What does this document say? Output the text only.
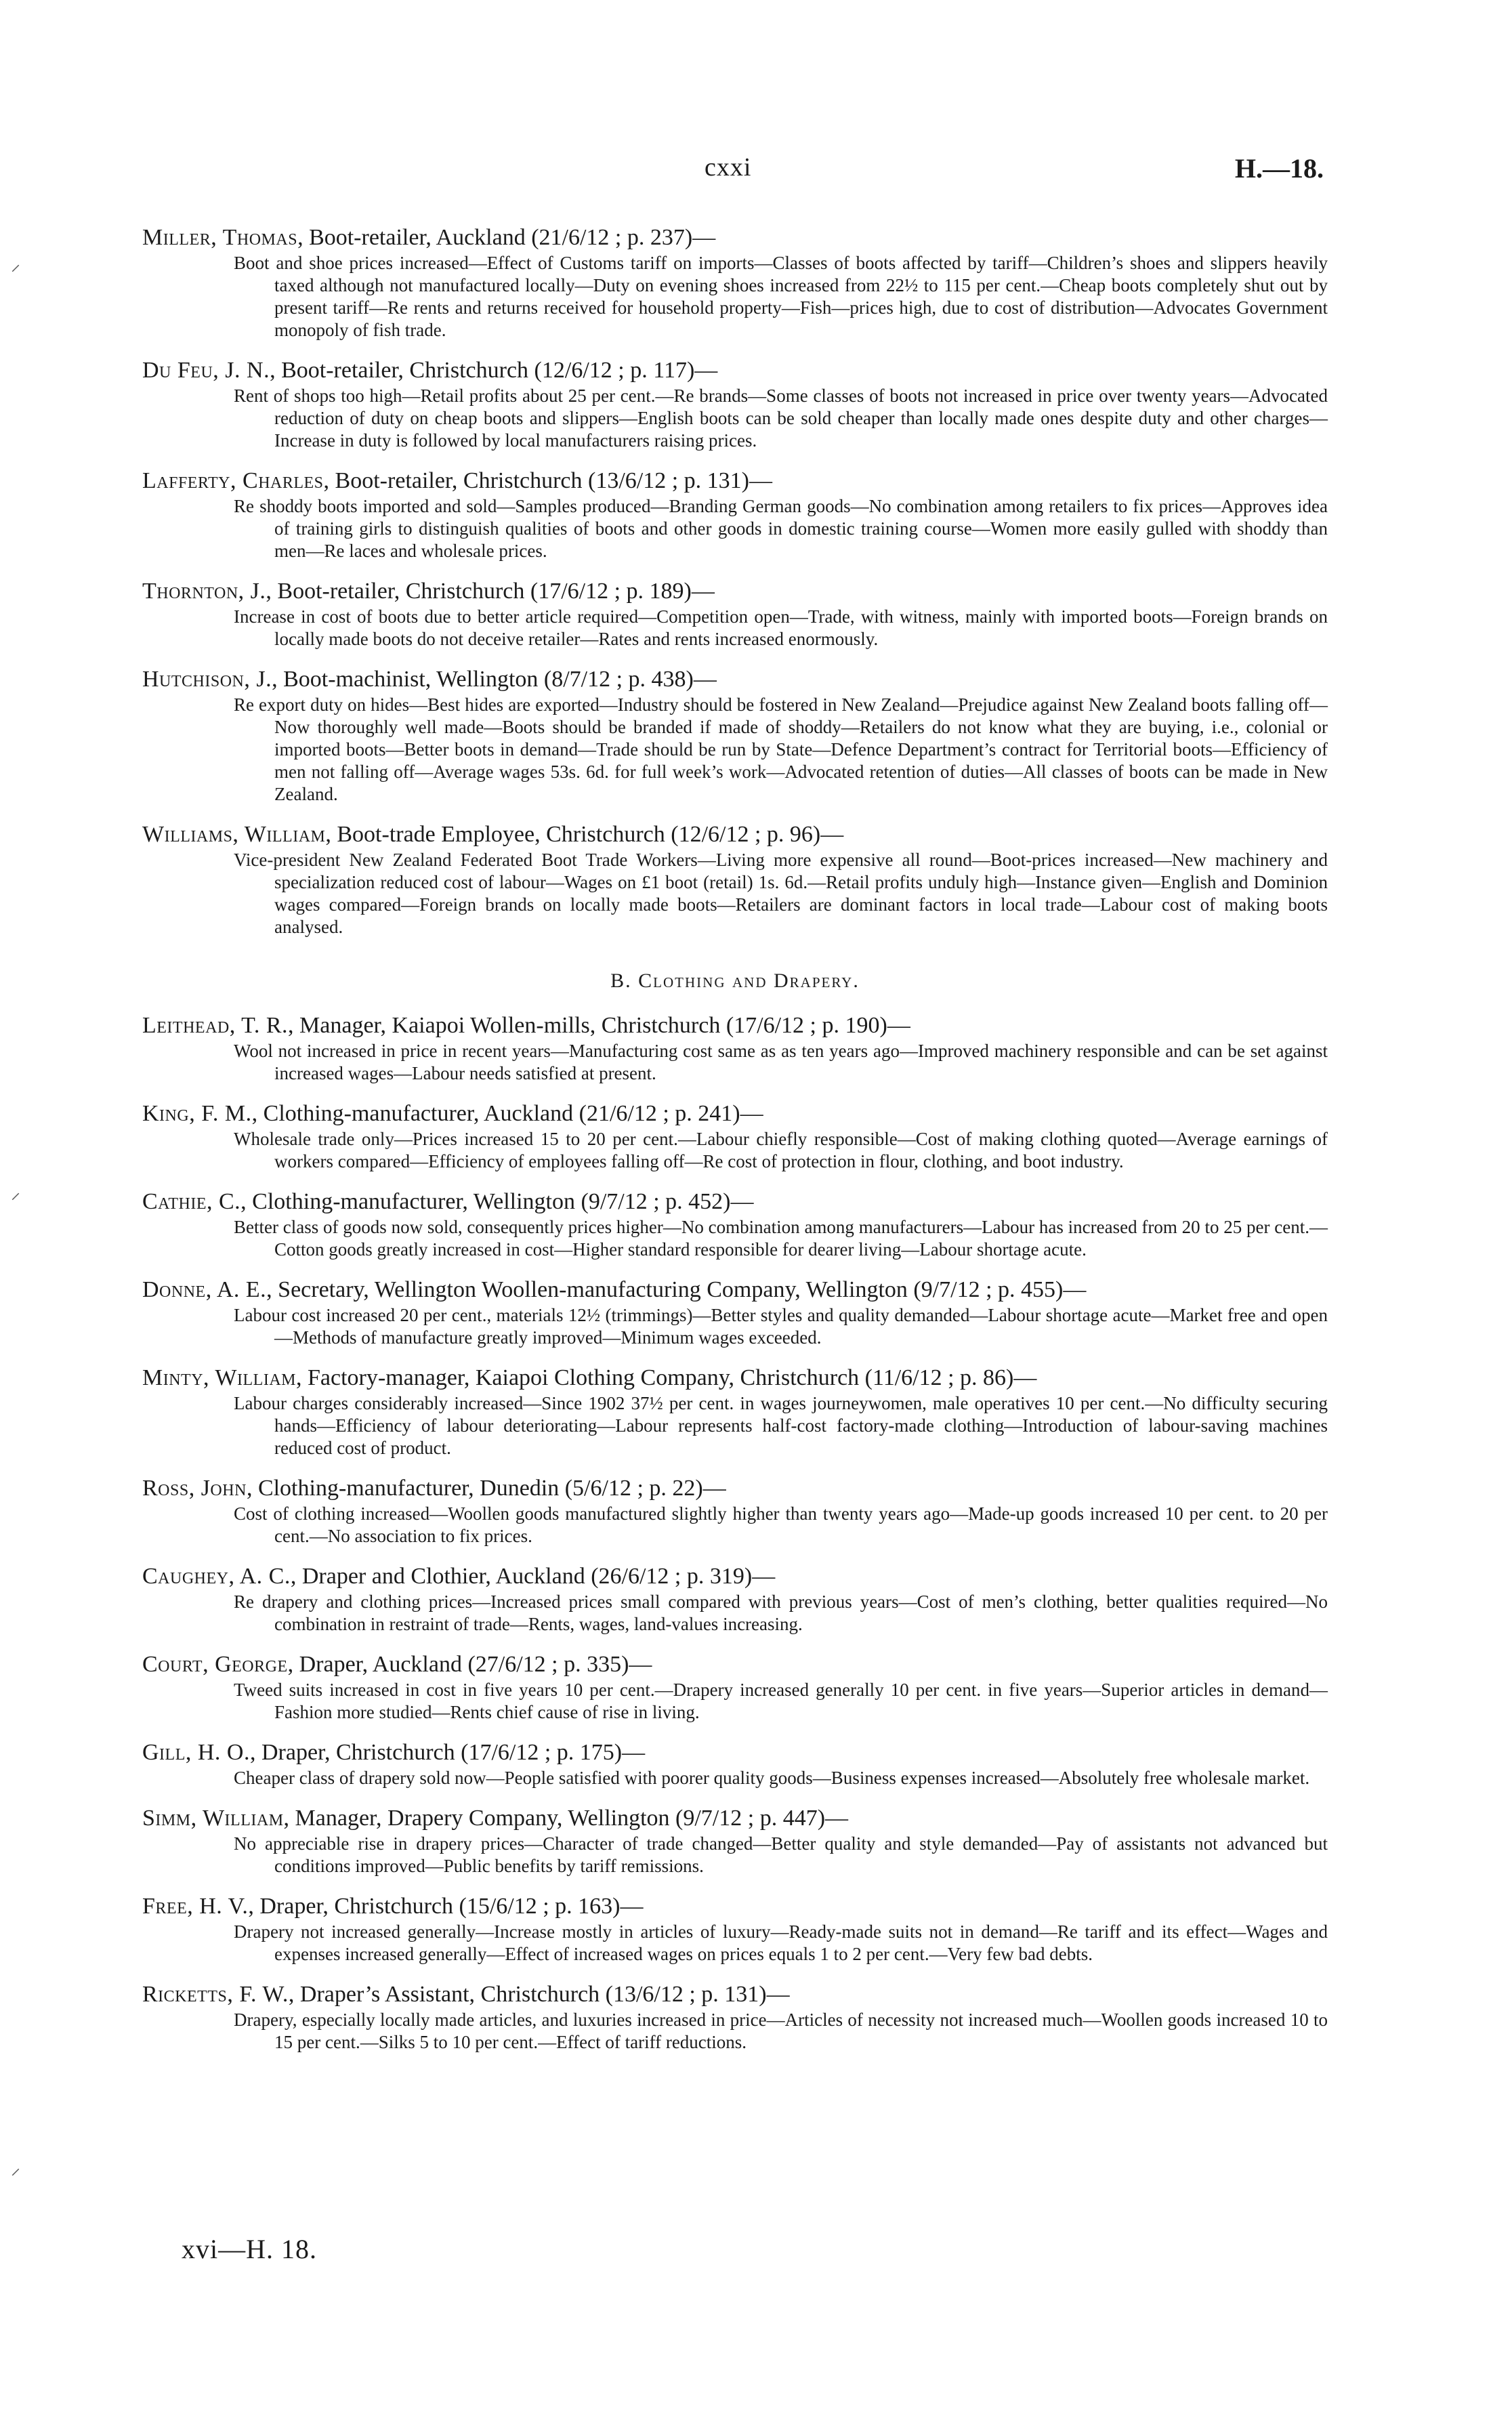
cxxi	H.—18.
Miller, Thomas, Boot-retailer, Auckland (21/6/12 ; p. 237)—
Boot and shoe prices increased—Effect of Customs tariff on imports—Classes of boots affected by tariff—Children’s shoes and slippers heavily taxed although not manufactured locally—Duty on evening shoes increased from 22½ to 115 per cent.—Cheap boots completely shut out by present tariff—Re rents and returns received for household property—Fish—prices high, due to cost of distribution—Advocates Government monopoly of fish trade.
Du Feu, J. N., Boot-retailer, Christchurch (12/6/12 ; p. 117)—
Rent of shops too high—Retail profits about 25 per cent.—Re brands—Some classes of boots not increased in price over twenty years—Advocated reduction of duty on cheap boots and slippers—English boots can be sold cheaper than locally made ones despite duty and other charges—Increase in duty is followed by local manufacturers raising prices.
Lafferty, Charles, Boot-retailer, Christchurch (13/6/12 ; p. 131)—
Re shoddy boots imported and sold—Samples produced—Branding German goods—No combination among retailers to fix prices—Approves idea of training girls to distinguish qualities of boots and other goods in domestic training course—Women more easily gulled with shoddy than men—Re laces and wholesale prices.
Thornton, J., Boot-retailer, Christchurch (17/6/12 ; p. 189)—
Increase in cost of boots due to better article required—Competition open—Trade, with witness, mainly with imported boots—Foreign brands on locally made boots do not deceive retailer—Rates and rents increased enormously.
Hutchison, J., Boot-machinist, Wellington (8/7/12 ; p. 438)—
Re export duty on hides—Best hides are exported—Industry should be fostered in New Zealand—Prejudice against New Zealand boots falling off—Now thoroughly well made—Boots should be branded if made of shoddy—Retailers do not know what they are buying, i.e., colonial or imported boots—Better boots in demand—Trade should be run by State—Defence Department’s contract for Territorial boots—Efficiency of men not falling off—Average wages 53s. 6d. for full week’s work—Advocated retention of duties—All classes of boots can be made in New Zealand.
Williams, William, Boot-trade Employee, Christchurch (12/6/12 ; p. 96)—
Vice-president New Zealand Federated Boot Trade Workers—Living more expensive all round—Boot-prices increased—New machinery and specialization reduced cost of labour—Wages on £1 boot (retail) 1s. 6d.—Retail profits unduly high—Instance given—English and Dominion wages compared—Foreign brands on locally made boots—Retailers are dominant factors in local trade—Labour cost of making boots analysed.
B. Clothing and Drapery.
Leithead, T. R., Manager, Kaiapoi Wollen-mills, Christchurch (17/6/12 ; p. 190)—
Wool not increased in price in recent years—Manufacturing cost same as as ten years ago—Improved machinery responsible and can be set against increased wages—Labour needs satisfied at present.
King, F. M., Clothing-manufacturer, Auckland (21/6/12 ; p. 241)—
Wholesale trade only—Prices increased 15 to 20 per cent.—Labour chiefly responsible—Cost of making clothing quoted—Average earnings of workers compared—Efficiency of employees falling off—Re cost of protection in flour, clothing, and boot industry.
Cathie, C., Clothing-manufacturer, Wellington (9/7/12 ; p. 452)—
Better class of goods now sold, consequently prices higher—No combination among manufacturers—Labour has increased from 20 to 25 per cent.—Cotton goods greatly increased in cost—Higher standard responsible for dearer living—Labour shortage acute.
Donne, A. E., Secretary, Wellington Woollen-manufacturing Company, Wellington (9/7/12 ; p. 455)—
Labour cost increased 20 per cent., materials 12½ (trimmings)—Better styles and quality demanded—Labour shortage acute—Market free and open—Methods of manufacture greatly improved—Minimum wages exceeded.
Minty, William, Factory-manager, Kaiapoi Clothing Company, Christchurch (11/6/12 ; p. 86)—
Labour charges considerably increased—Since 1902 37½ per cent. in wages journeywomen, male operatives 10 per cent.—No difficulty securing hands—Efficiency of labour deteriorating—Labour represents half-cost factory-made clothing—Introduction of labour-saving machines reduced cost of product.
Ross, John, Clothing-manufacturer, Dunedin (5/6/12 ; p. 22)—
Cost of clothing increased—Woollen goods manufactured slightly higher than twenty years ago—Made-up goods increased 10 per cent. to 20 per cent.—No association to fix prices.
Caughey, A. C., Draper and Clothier, Auckland (26/6/12 ; p. 319)—
Re drapery and clothing prices—Increased prices small compared with previous years—Cost of men’s clothing, better qualities required—No combination in restraint of trade—Rents, wages, land-values increasing.
Court, George, Draper, Auckland (27/6/12 ; p. 335)—
Tweed suits increased in cost in five years 10 per cent.—Drapery increased generally 10 per cent. in five years—Superior articles in demand—Fashion more studied—Rents chief cause of rise in living.
Gill, H. O., Draper, Christchurch (17/6/12 ; p. 175)—
Cheaper class of drapery sold now—People satisfied with poorer quality goods—Business expenses increased—Absolutely free wholesale market.
Simm, William, Manager, Drapery Company, Wellington (9/7/12 ; p. 447)—
No appreciable rise in drapery prices—Character of trade changed—Better quality and style demanded—Pay of assistants not advanced but conditions improved—Public benefits by tariff remissions.
Free, H. V., Draper, Christchurch (15/6/12 ; p. 163)—
Drapery not increased generally—Increase mostly in articles of luxury—Ready-made suits not in demand—Re tariff and its effect—Wages and expenses increased generally—Effect of increased wages on prices equals 1 to 2 per cent.—Very few bad debts.
Ricketts, F. W., Draper’s Assistant, Christchurch (13/6/12 ; p. 131)—
Drapery, especially locally made articles, and luxuries increased in price—Articles of necessity not increased much—Woollen goods increased 10 to 15 per cent.—Silks 5 to 10 per cent.—Effect of tariff reductions.
xvi—H. 18.
⸝
⸝
⸝
